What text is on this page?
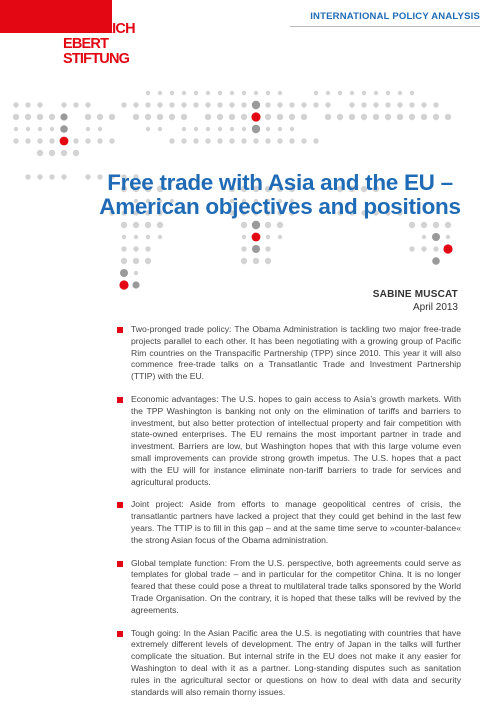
FRIEDRICH
EBERT
STIFTUNG
INTERNATIONAL POLICY ANALYSIS
Free trade with Asia and the EU –
American objectives and positions
SABINE MUSCAT
April 2013
Two-pronged trade policy: The Obama Administration is tackling two major free-trade projects parallel to each other. It has been negotiating with a growing group of Pacific Rim countries on the Transpacific Partnership (TPP) since 2010. This year it will also commence free-trade talks on a Transatlantic Trade and Investment Partnership (TTIP) with the EU.
Economic advantages: The U.S. hopes to gain access to Asia’s growth markets. With the TPP Washington is banking not only on the elimination of tariffs and barriers to investment, but also better protection of intellectual property and fair competition with state-owned enterprises. The EU remains the most important partner in trade and investment. Barriers are low, but Washington hopes that with this large volume even small improvements can provide strong growth impetus. The U.S. hopes that a pact with the EU will for instance eliminate non-tariff barriers to trade for services and agricultural products.
Joint project: Aside from efforts to manage geopolitical centres of crisis, the transatlantic partners have lacked a project that they could get behind in the last few years. The TTIP is to fill in this gap – and at the same time serve to »counter-balance« the strong Asian focus of the Obama administration.
Global template function: From the U.S. perspective, both agreements could serve as templates for global trade – and in particular for the competitor China. It is no longer feared that these could pose a threat to multilateral trade talks sponsored by the World Trade Organisation. On the contrary, it is hoped that these talks will be revived by the agreements.
Tough going: In the Asian Pacific area the U.S. is negotiating with countries that have extremely different levels of development. The entry of Japan in the talks will further complicate the situation. But internal strife in the EU does not make it any easier for Washington to deal with it as a partner. Long-standing disputes such as sanitation rules in the agricultural sector or questions on how to deal with data and security standards will also remain thorny issues.
